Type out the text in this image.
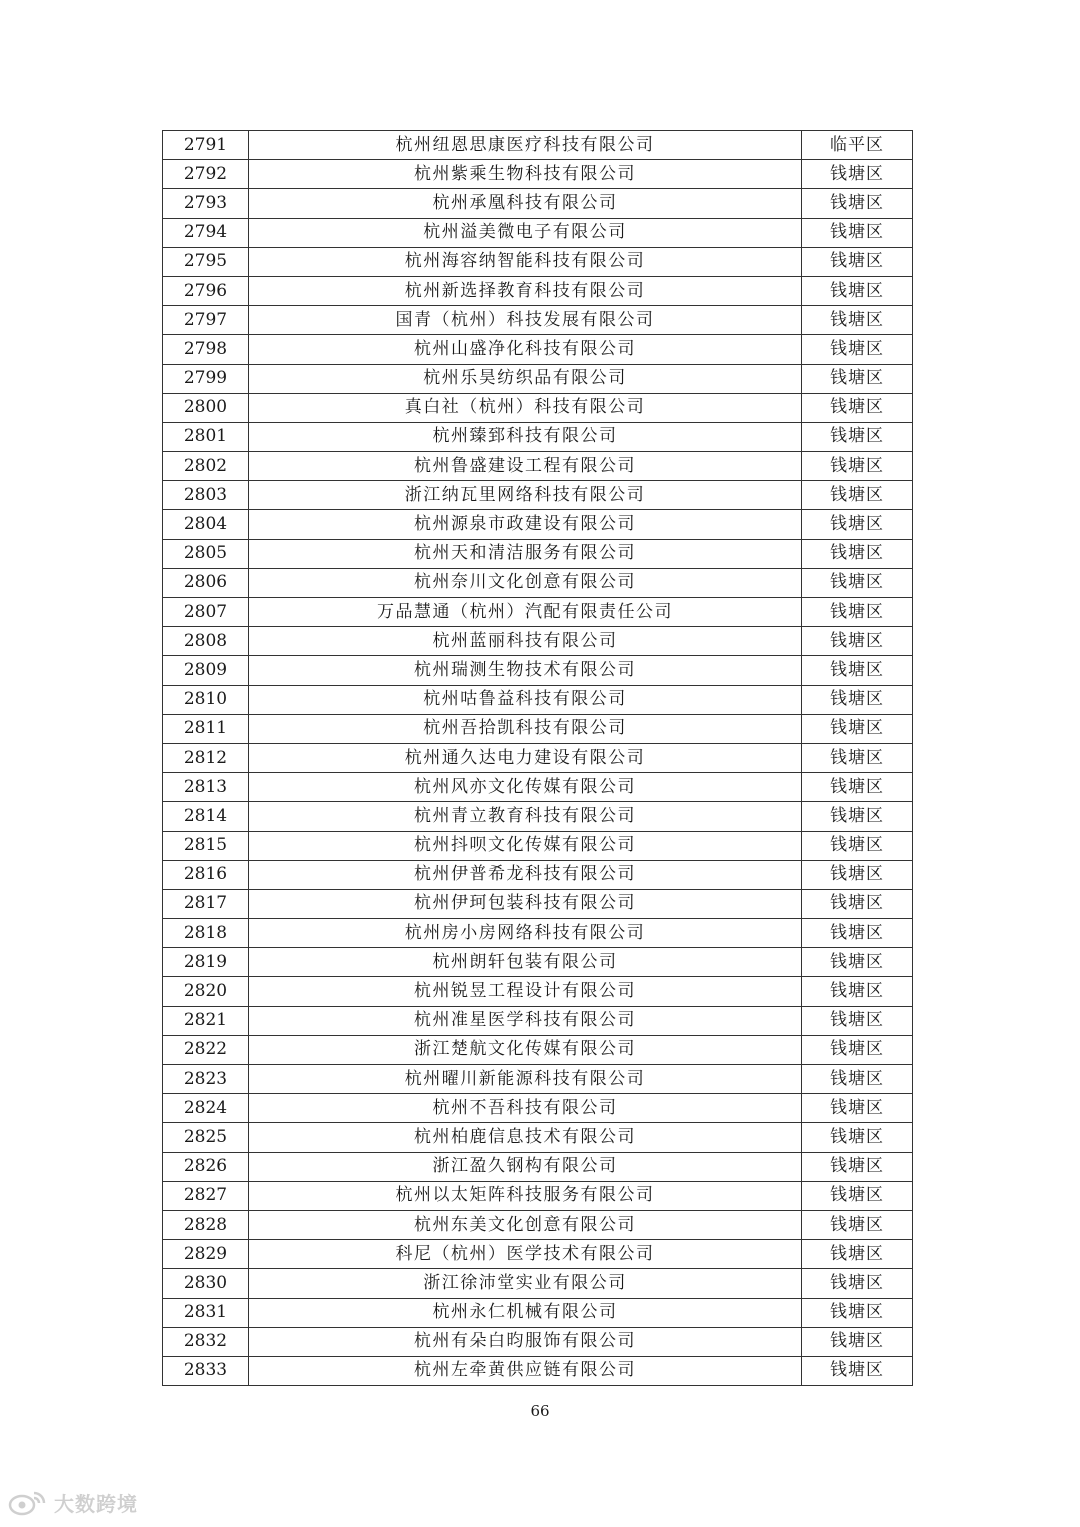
2791	杭州纽恩思康医疗科技有限公司	临平区
2792	杭州紫乘生物科技有限公司	钱塘区
2793	杭州承凰科技有限公司	钱塘区
2794	杭州溢美微电子有限公司	钱塘区
2795	杭州海容纳智能科技有限公司	钱塘区
2796	杭州新选择教育科技有限公司	钱塘区
2797	国青（杭州）科技发展有限公司	钱塘区
2798	杭州山盛净化科技有限公司	钱塘区
2799	杭州乐昊纺织品有限公司	钱塘区
2800	真白社（杭州）科技有限公司	钱塘区
2801	杭州臻郅科技有限公司	钱塘区
2802	杭州鲁盛建设工程有限公司	钱塘区
2803	浙江纳瓦里网络科技有限公司	钱塘区
2804	杭州源泉市政建设有限公司	钱塘区
2805	杭州天和清洁服务有限公司	钱塘区
2806	杭州奈川文化创意有限公司	钱塘区
2807	万品慧通（杭州）汽配有限责任公司	钱塘区
2808	杭州蓝丽科技有限公司	钱塘区
2809	杭州瑞测生物技术有限公司	钱塘区
2810	杭州咕鲁益科技有限公司	钱塘区
2811	杭州吾拾凯科技有限公司	钱塘区
2812	杭州通久达电力建设有限公司	钱塘区
2813	杭州风亦文化传媒有限公司	钱塘区
2814	杭州青立教育科技有限公司	钱塘区
2815	杭州抖呗文化传媒有限公司	钱塘区
2816	杭州伊普希龙科技有限公司	钱塘区
2817	杭州伊珂包装科技有限公司	钱塘区
2818	杭州房小房网络科技有限公司	钱塘区
2819	杭州朗轩包装有限公司	钱塘区
2820	杭州锐昱工程设计有限公司	钱塘区
2821	杭州准星医学科技有限公司	钱塘区
2822	浙江楚航文化传媒有限公司	钱塘区
2823	杭州曜川新能源科技有限公司	钱塘区
2824	杭州不吾科技有限公司	钱塘区
2825	杭州柏鹿信息技术有限公司	钱塘区
2826	浙江盈久钢构有限公司	钱塘区
2827	杭州以太矩阵科技服务有限公司	钱塘区
2828	杭州东美文化创意有限公司	钱塘区
2829	科尼（杭州）医学技术有限公司	钱塘区
2830	浙江徐沛堂实业有限公司	钱塘区
2831	杭州永仁机械有限公司	钱塘区
2832	杭州有朵白昀服饰有限公司	钱塘区
2833	杭州左牵黄供应链有限公司	钱塘区
66
大数跨境
